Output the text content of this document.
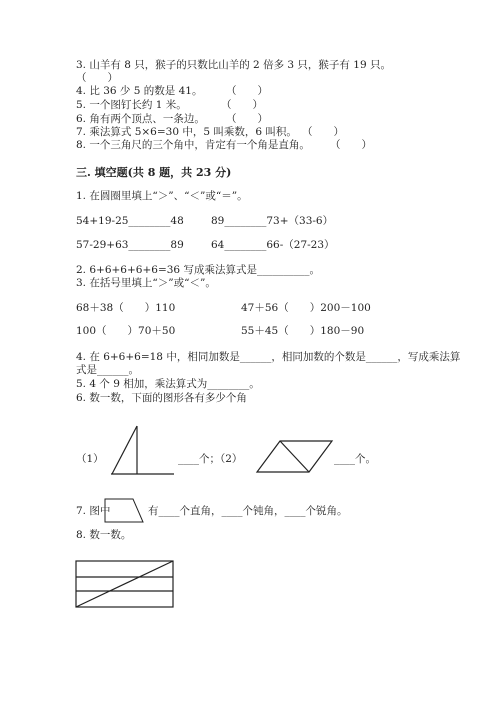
3. 山羊有 8 只，猴子的只数比山羊的 2 倍多 3 只，猴子有 19 只。
（　　）
4. 比 36 少 5 的数是 41。 （　　）
5. 一个图钉长约 1 米。	（　　）
6. 角有两个顶点、一条边。 （　　）
7. 乘法算式 5×6=30 中，5 叫乘数，6 叫积。 （　　）
8. 一个三角尺的三个角中，肯定有一个角是直角。 （　　）
三. 填空题(共 8 题，共 23 分)
1. 在圆圈里填上“＞”、“＜”或“＝”。
54+19-25________48	89________73+（33-6）
57-29+63________89	64________66-（27-23）
2. 6+6+6+6+6=36 写成乘法算式是__________。
3. 在括号里填上“＞”或“＜”。
68＋38（　　）110	47＋56（　　）200－100
100（　　）70＋50	55＋45（　　）180－90
4. 在 6+6+6=18 中，相同加数是______，相同加数的个数是______，写成乘法算
式是______。
5. 4 个 9 相加，乘法算式为________。
6. 数一数，下面的图形各有多少个角
（1）	____个；（2）	____个。
7. 图中	有____个直角，____个钝角，____个锐角。
8. 数一数。
